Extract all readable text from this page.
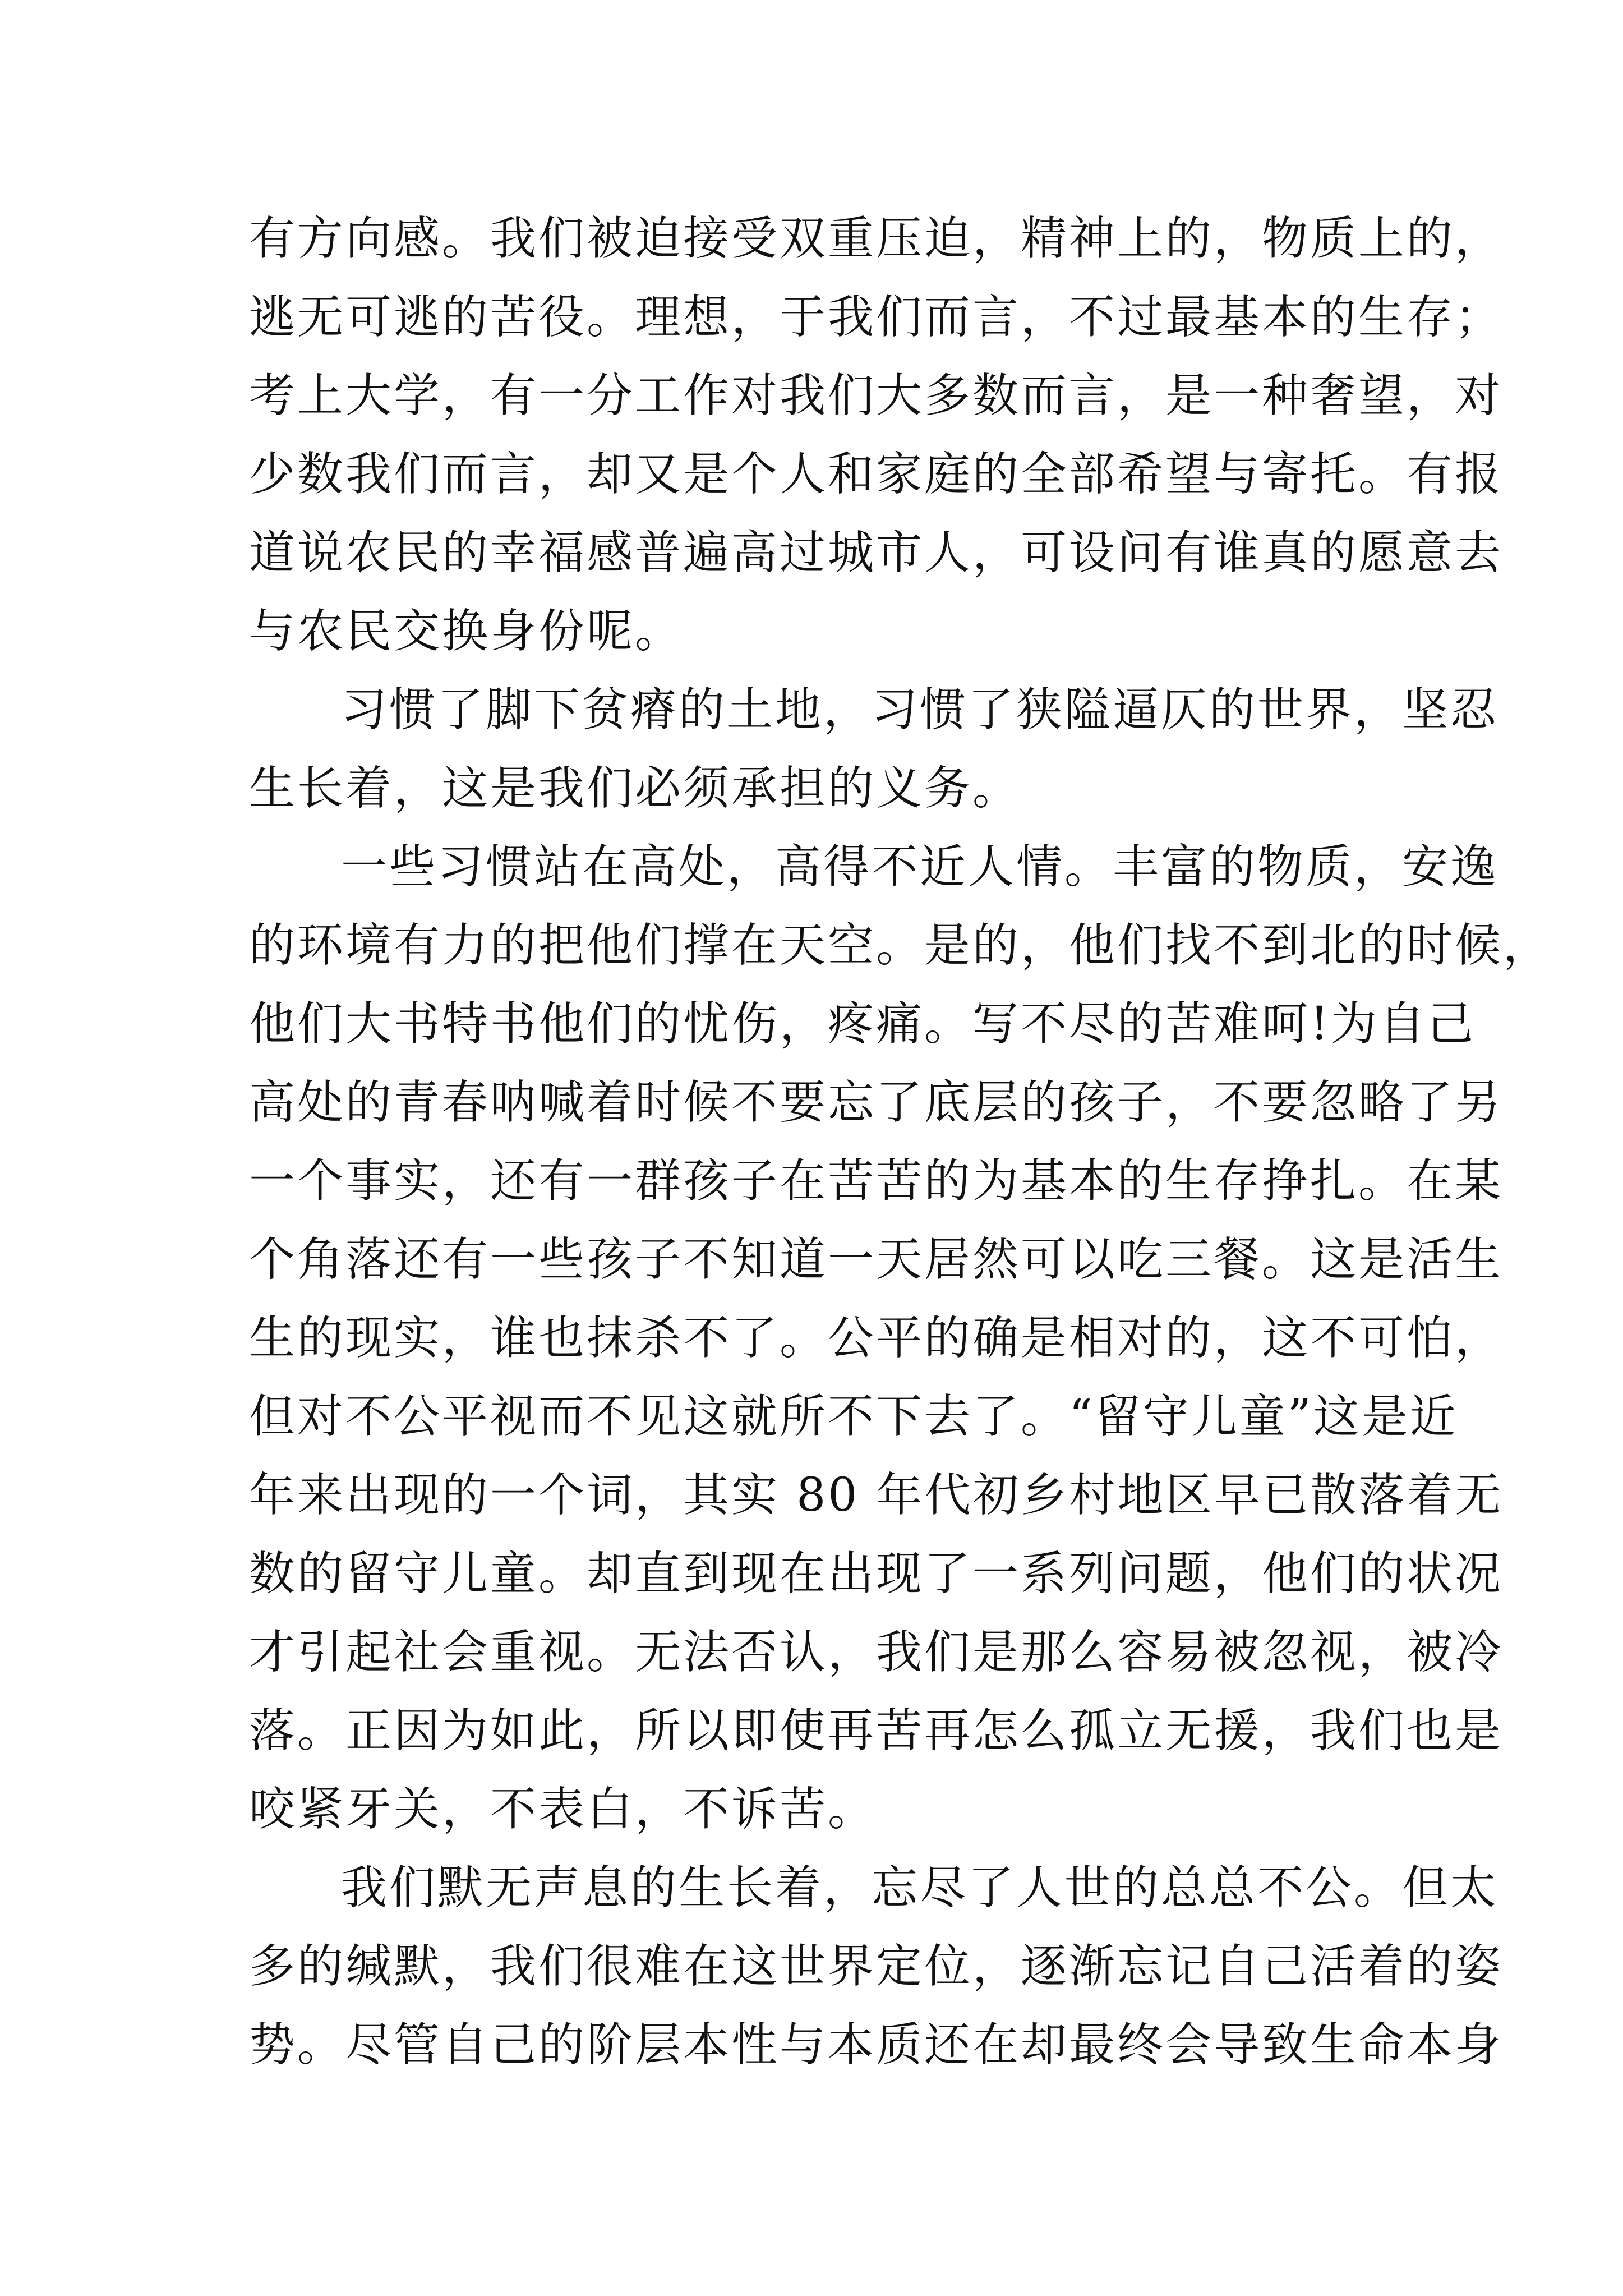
有方向感。我们被迫接受双重压迫，精神上的，物质上的，
逃无可逃的苦役。理想，于我们而言，不过最基本的生存；
考上大学，有一分工作对我们大多数而言，是一种奢望，对
少数我们而言，却又是个人和家庭的全部希望与寄托。有报
道说农民的幸福感普遍高过城市人，可设问有谁真的愿意去
与农民交换身份呢。
习惯了脚下贫瘠的土地，习惯了狭隘逼仄的世界，坚忍
生长着，这是我们必须承担的义务。
一些习惯站在高处，高得不近人情。丰富的物质，安逸
的环境有力的把他们撑在天空。是的，他们找不到北的时候，
他们大书特书他们的忧伤，疼痛。写不尽的苦难呵!为自己
高处的青春呐喊着时候不要忘了底层的孩子，不要忽略了另
一个事实，还有一群孩子在苦苦的为基本的生存挣扎。在某
个角落还有一些孩子不知道一天居然可以吃三餐。这是活生
生的现实，谁也抹杀不了。公平的确是相对的，这不可怕，
但对不公平视而不见这就所不下去了。“留守儿童”这是近
年来出现的一个词，其实 80 年代初乡村地区早已散落着无
数的留守儿童。却直到现在出现了一系列问题，他们的状况
才引起社会重视。无法否认，我们是那么容易被忽视，被冷
落。正因为如此，所以即使再苦再怎么孤立无援，我们也是
咬紧牙关，不表白，不诉苦。
我们默无声息的生长着，忘尽了人世的总总不公。但太
多的缄默，我们很难在这世界定位，逐渐忘记自己活着的姿
势。尽管自己的阶层本性与本质还在却最终会导致生命本身
